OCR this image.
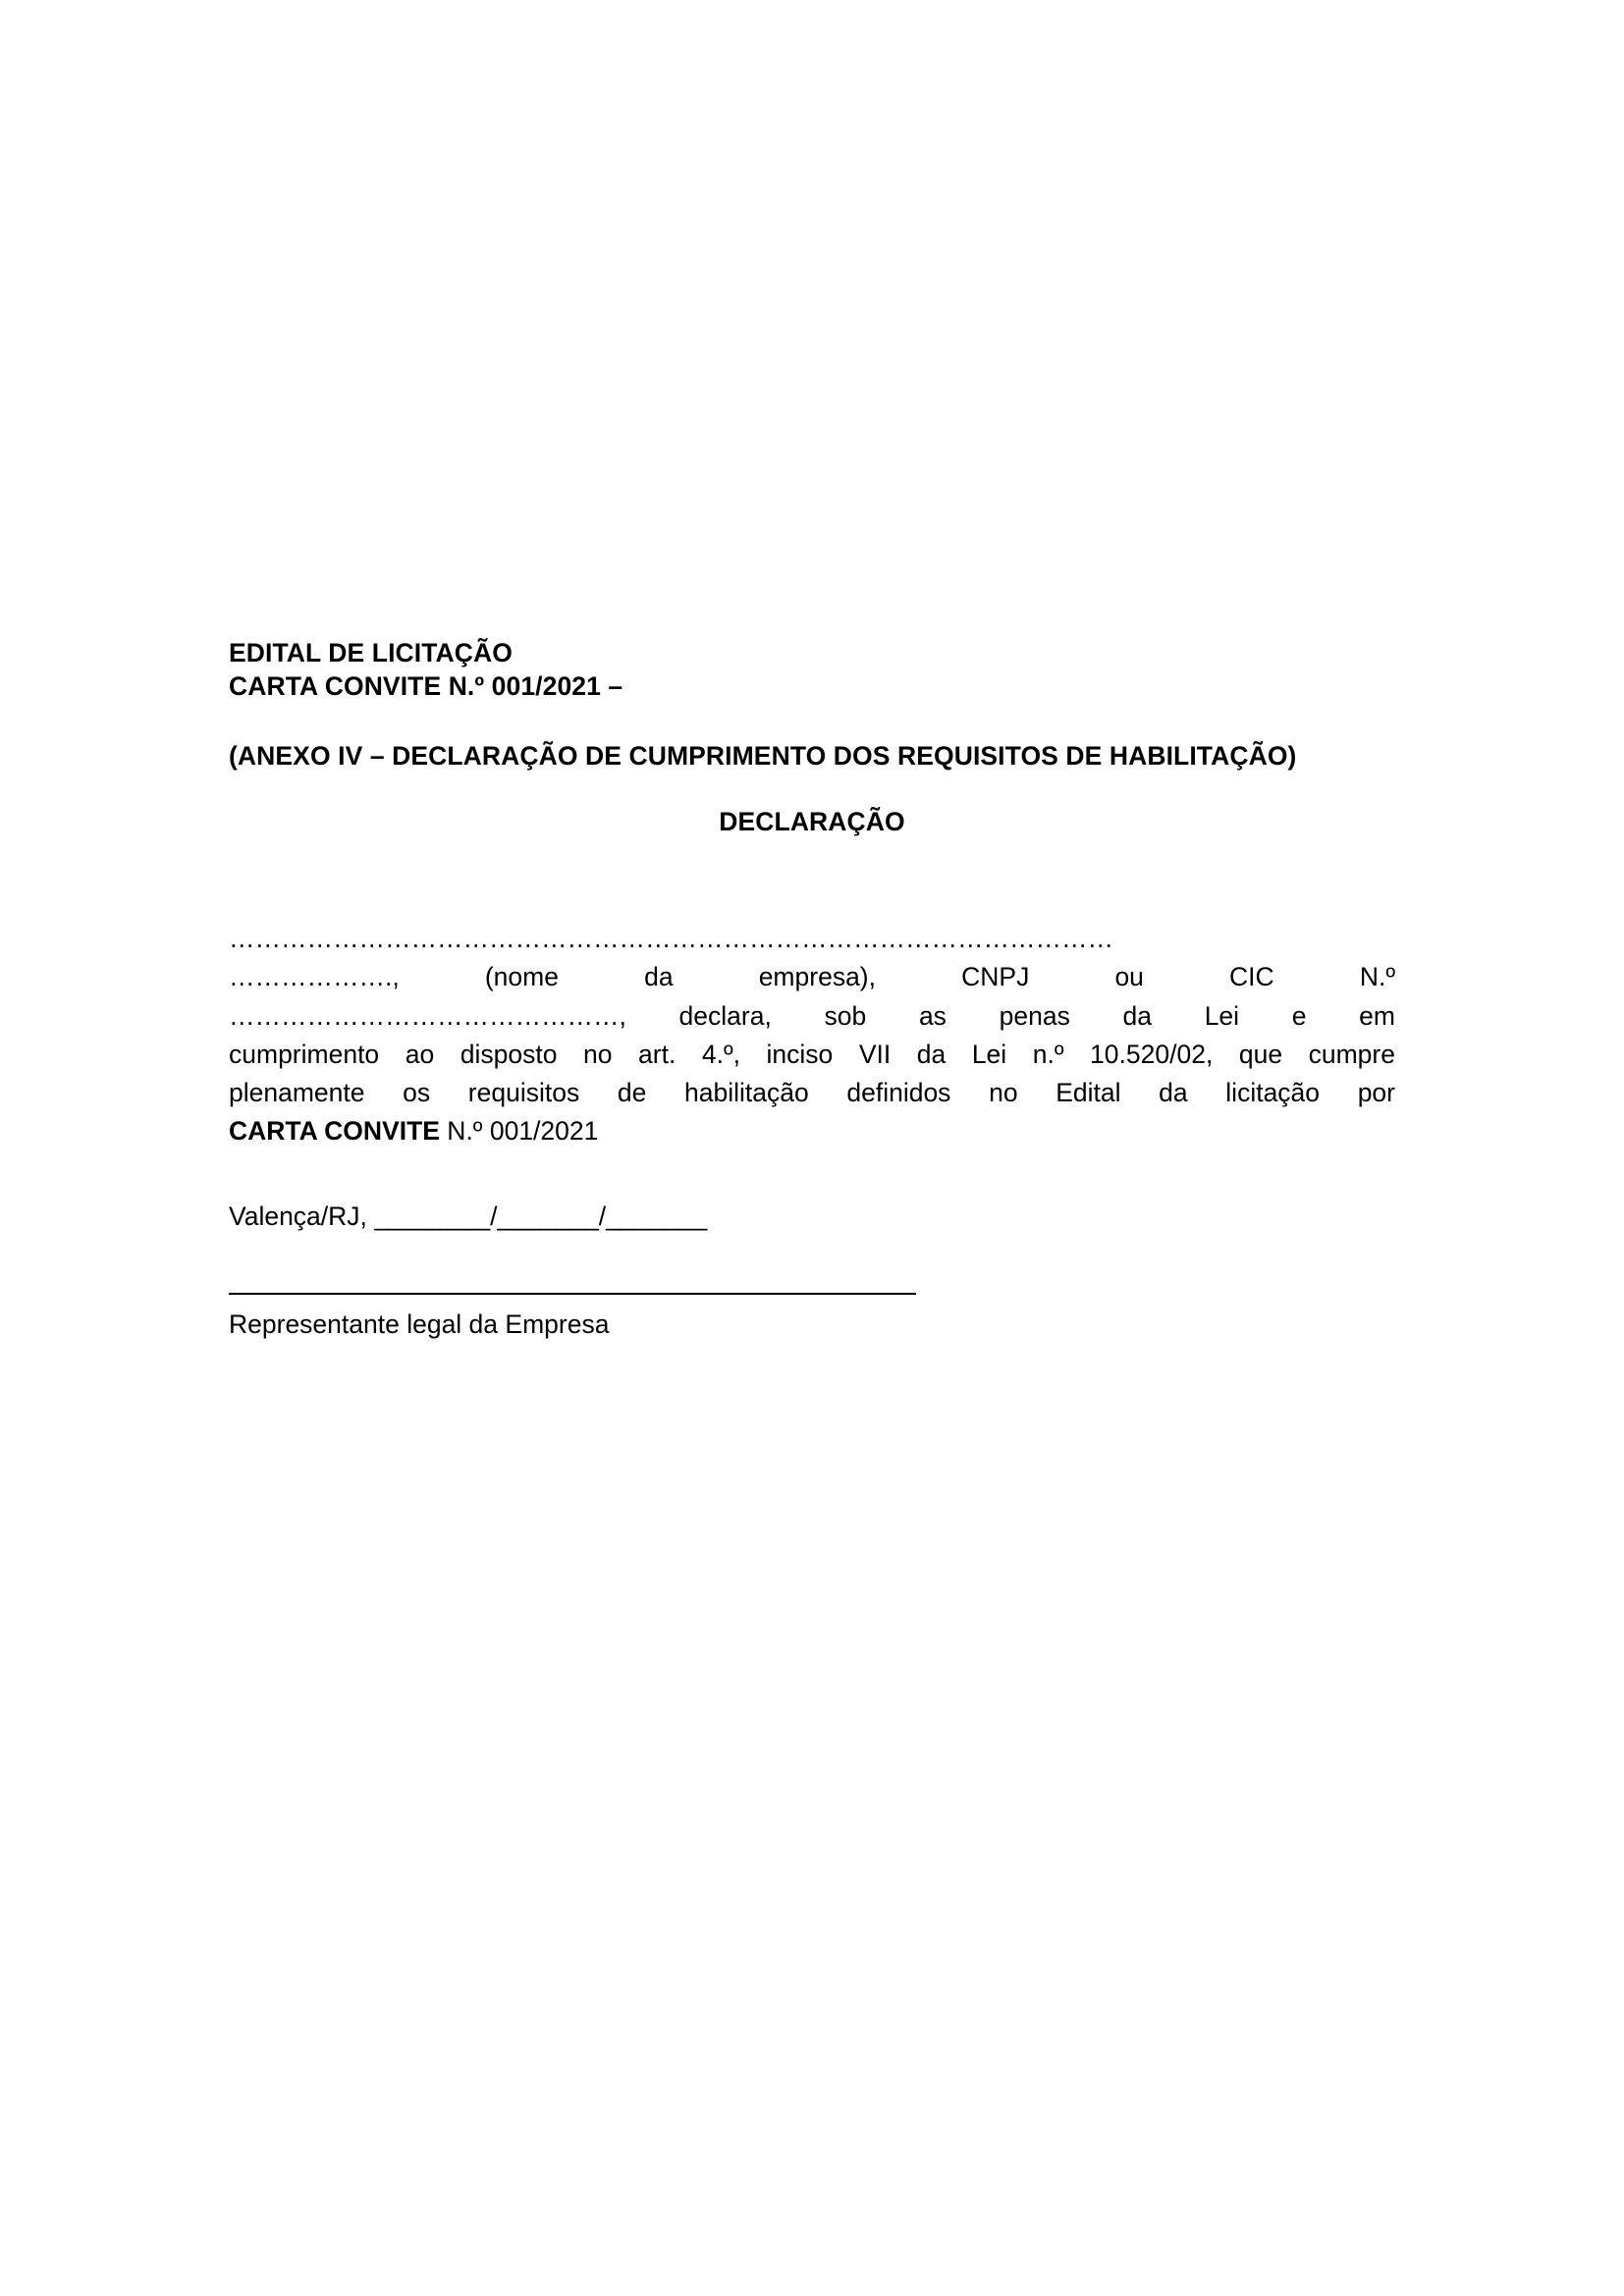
EDITAL DE LICITAÇÃO
CARTA CONVITE N.º 001/2021 –
(ANEXO IV – DECLARAÇÃO DE CUMPRIMENTO DOS REQUISITOS DE HABILITAÇÃO)
DECLARAÇÃO

…………………………………………………………………………………………

………………., (nome da empresa), CNPJ ou CIC N.º

………………………………………, declara, sob as penas da Lei e em

cumprimento ao disposto no art. 4.º, inciso VII da Lei n.º 10.520/02, que cumpre

plenamente os requisitos de habilitação definidos no Edital da licitação por

CARTA CONVITE N.º 001/2021

Valença/RJ, ________/_______/_______
Representante legal da Empresa
